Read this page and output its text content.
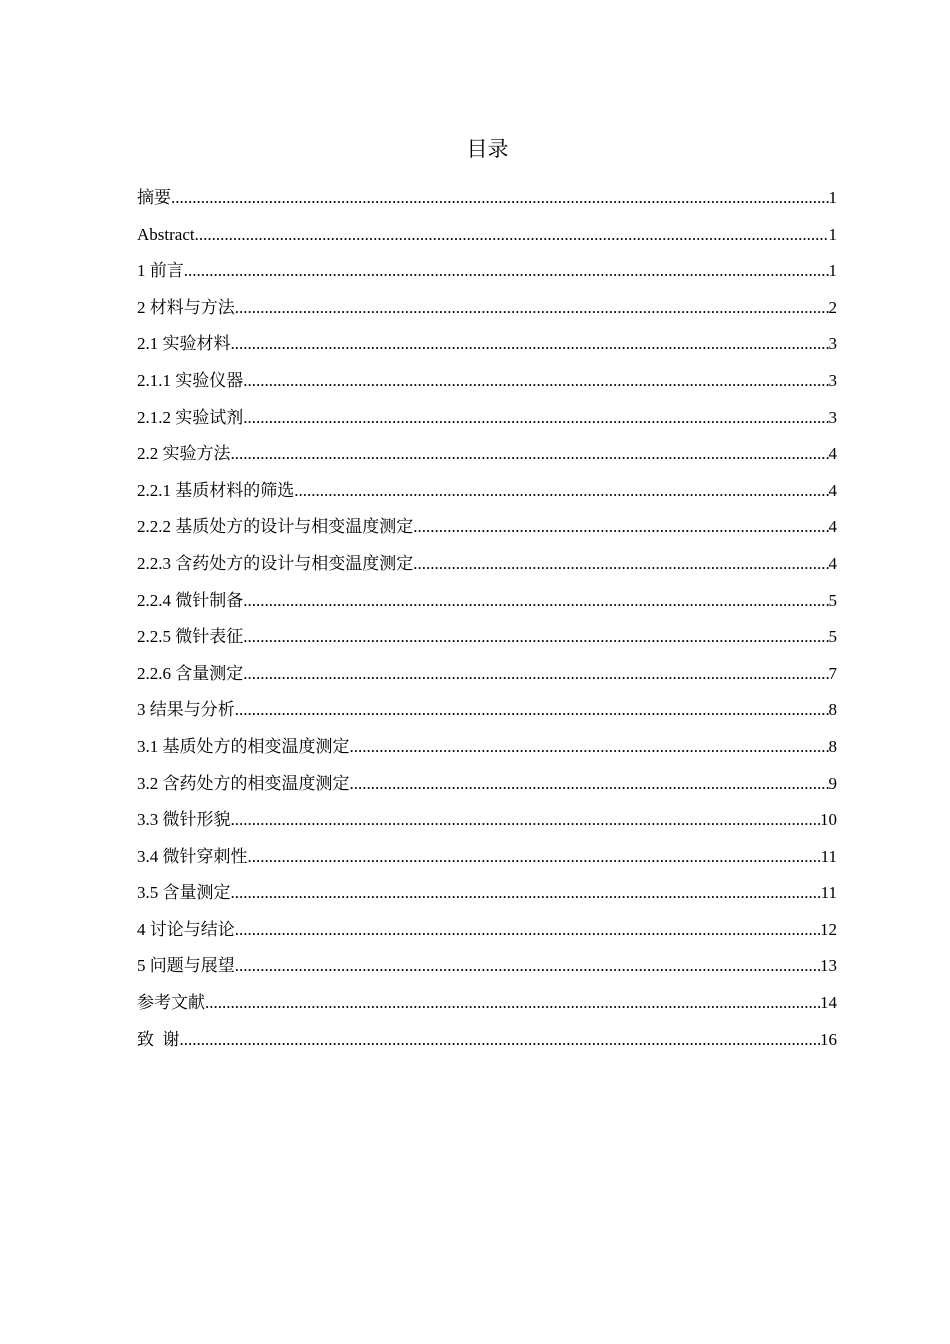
目录
摘要 .....	1
Abstract .....	1
1 前言 .....	1
2 材料与方法 .....	2
2.1 实验材料 .....	3
2.1.1 实验仪器 .....	3
2.1.2 实验试剂 .....	3
2.2 实验方法 .....	4
2.2.1 基质材料的筛选 .....	4
2.2.2 基质处方的设计与相变温度测定 .....	4
2.2.3 含药处方的设计与相变温度测定 .....	4
2.2.4 微针制备 .....	5
2.2.5 微针表征 .....	5
2.2.6 含量测定 .....	7
3 结果与分析 .....	8
3.1 基质处方的相变温度测定 .....	8
3.2 含药处方的相变温度测定 .....	9
3.3 微针形貌 .....	10
3.4 微针穿刺性 .....	11
3.5 含量测定 .....	11
4 讨论与结论 .....	12
5 问题与展望 .....	13
参考文献 .....	14
致  谢 .....	16
